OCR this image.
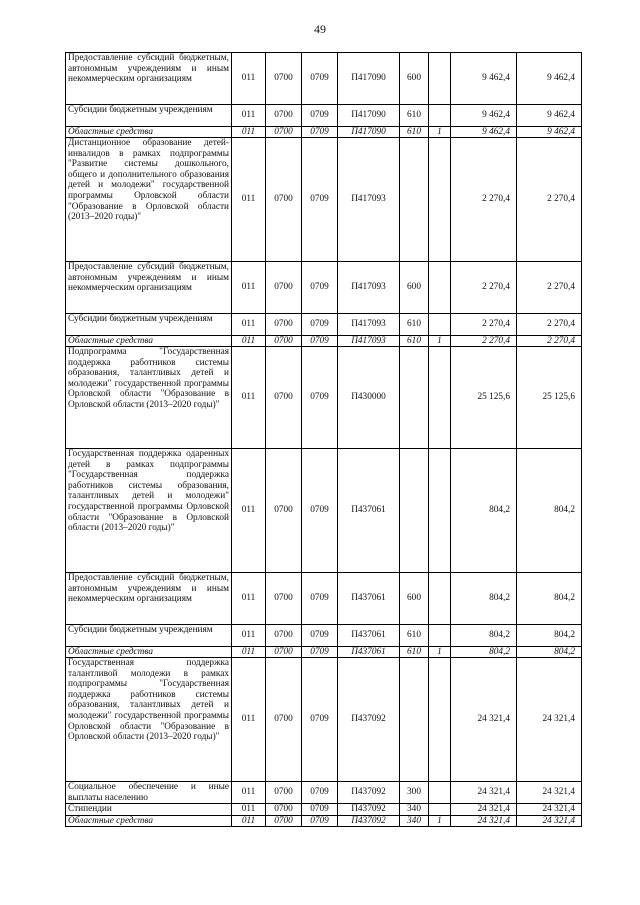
49
Предоставление субсидий бюджетным, автономным учреждениям и иным некоммерческим организациям	011	0700	0709	П417090	600		9 462,4	9 462,4
Субсидии бюджетным учреждениям	011	0700	0709	П417090	610		9 462,4	9 462,4
Областные средства	011	0700	0709	П417090	610	1	9 462,4	9 462,4
Дистанционное образование детей-инвалидов в рамках подпрограммы "Развитие системы дошкольного, общего и дополнительного образования детей и молодежи" государственной программы Орловской области "Образование в Орловской области (2013–2020 годы)"	011	0700	0709	П417093			2 270,4	2 270,4
Предоставление субсидий бюджетным, автономным учреждениям и иным некоммерческим организациям	011	0700	0709	П417093	600		2 270,4	2 270,4
Субсидии бюджетным учреждениям	011	0700	0709	П417093	610		2 270,4	2 270,4
Областные средства	011	0700	0709	П417093	610	1	2 270,4	2 270,4
Подпрограмма "Государственная поддержка работников системы образования, талантливых детей и молодежи" государственной программы Орловской области "Образование в Орловской области (2013–2020 годы)"	011	0700	0709	П430000			25 125,6	25 125,6
Государственная поддержка одаренных детей в рамках подпрограммы "Государственная поддержка работников системы образования, талантливых детей и молодежи" государственной программы Орловской области "Образование в Орловской области (2013–2020 годы)"	011	0700	0709	П437061			804,2	804,2
Предоставление субсидий бюджетным, автономным учреждениям и иным некоммерческим организациям	011	0700	0709	П437061	600		804,2	804,2
Субсидии бюджетным учреждениям	011	0700	0709	П437061	610		804,2	804,2
Областные средства	011	0700	0709	П437061	610	1	804,2	804,2
Государственная поддержка талантливой молодежи в рамках подпрограммы "Государственная поддержка работников системы образования, талантливых детей и молодежи" государственной программы Орловской области "Образование в Орловской области (2013–2020 годы)"	011	0700	0709	П437092			24 321,4	24 321,4
Социальное обеспечение и иные выплаты населению	011	0700	0709	П437092	300		24 321,4	24 321,4
Стипендии	011	0700	0709	П437092	340		24 321,4	24 321,4
Областные средства	011	0700	0709	П437092	340	1	24 321,4	24 321,4
